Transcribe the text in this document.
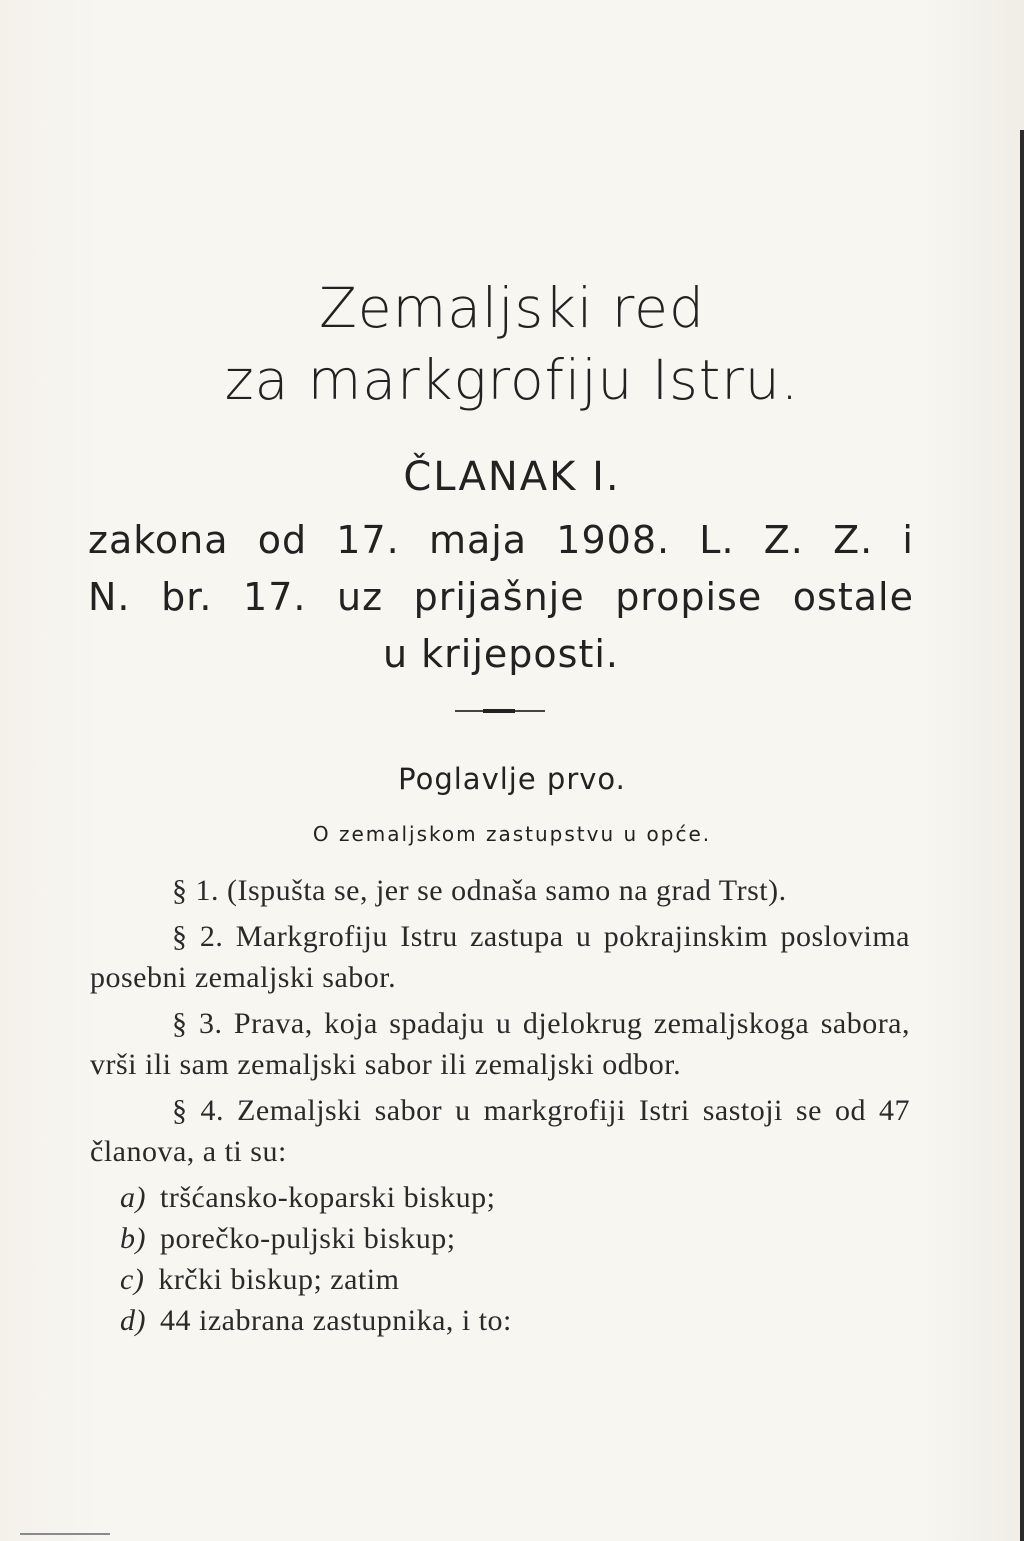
Zemaljski red
za markgrofiju Istru.
ČLANAK I.
zakona od 17. maja 1908. L. Z. Z. i
N. br. 17. uz prijašnje propise ostale
u krijeposti.
Poglavlje prvo.
O zemaljskom zastupstvu u opće.

§ 1. (Ispušta se, jer se odnaša samo na grad Trst).

§ 2. Markgrofiju Istru zastupa u pokrajinskim poslovima posebni zemaljski sabor.

§ 3. Prava, koja spadaju u djelokrug zemaljskoga sabora, vrši ili sam zemaljski sabor ili zemaljski odbor.

§ 4. Zemaljski sabor u markgrofiji Istri sastoji se od 47 članova, a ti su:

a) tršćansko-koparski biskup;
b) porečko-puljski biskup;
c) krčki biskup; zatim
d) 44 izabrana zastupnika, i to:
